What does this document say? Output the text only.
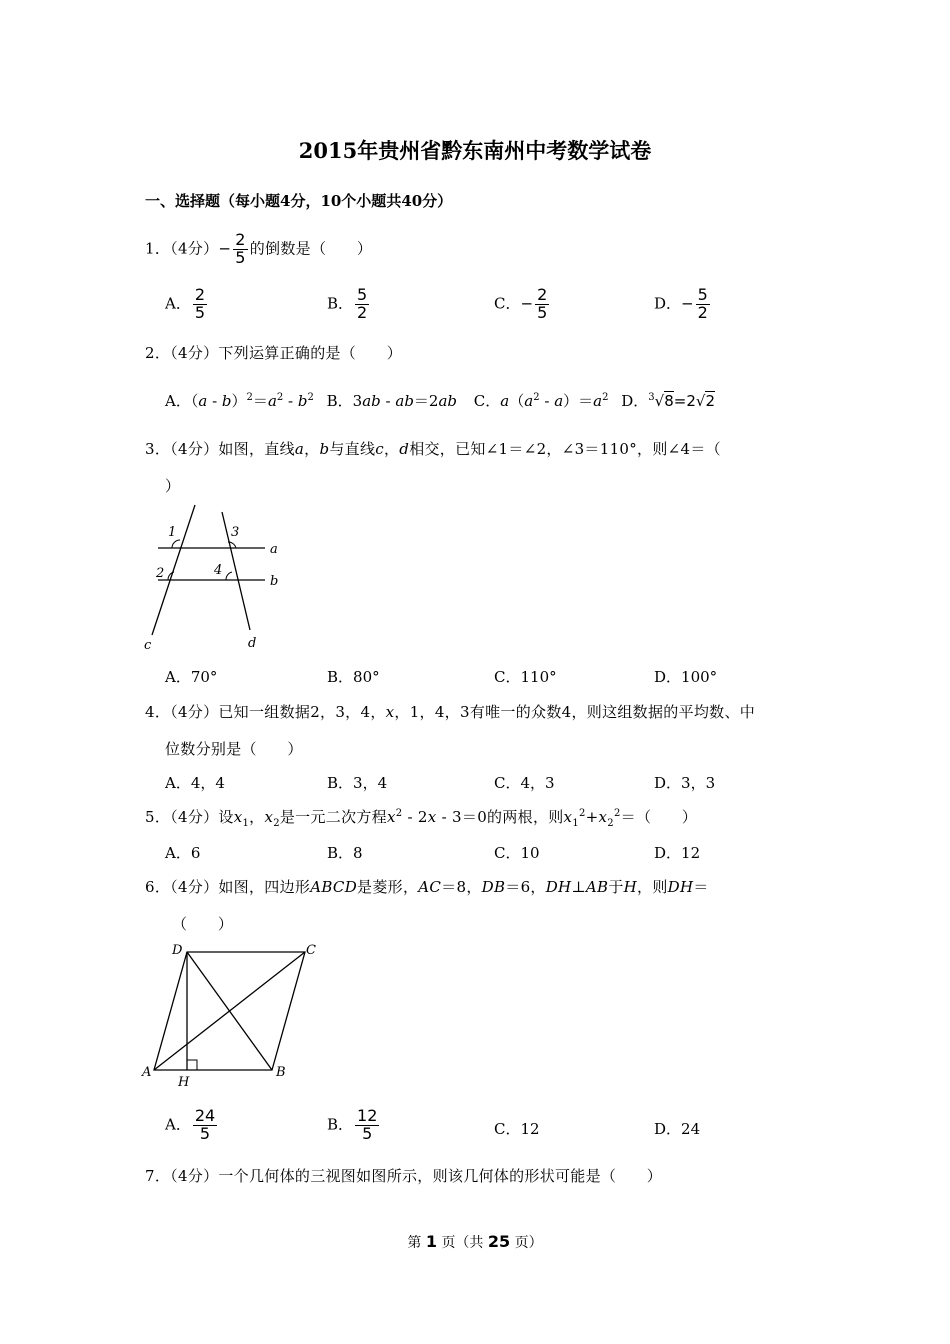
2015年贵州省黔东南州中考数学试卷
一、选择题（每小题4分，10个小题共40分）
1．（4分）− $\frac{2}{5}$ 的倒数是（　　）
A． $\frac{2}{5}$	B． $\frac{5}{2}$	C．− $\frac{2}{5}$	D．− $\frac{5}{2}$
2．（4分）下列运算正确的是（　　）
A．$(a - b)^2=a^2 - b^2$ B．3ab - ab＝2ab C．$a(a^2 - a)=a^2$ D．$^3$√8=2√2
3．（4分）如图，直线a，b与直线c，d相交，已知∠1＝∠2，∠3＝110°，则∠4＝（
）
1
2
3
4
a
b
c	d
A．70°	B．80°	C．110°	D．100°
4．（4分）已知一组数据2，3，4，x，1，4，3有唯一的众数4，则这组数据的平均数、中
位数分别是（　　）
A．4，4	B．3，4	C．4，3	D．3，3
5．（4分）设$x_1$，$x_2$是一元二次方程$x^2 - 2x - 3=0$的两根，则$x_1^2+x_2^2=$（　　）
A．6	B．8	C．10	D．12
6．（4分）如图，四边形ABCD是菱形，AC＝8，DB＝6，DH⊥AB于H，则DH＝
（　　）
D	C
A	B
H
A． $\frac{24}{5}$	B． $\frac{12}{5}$	C．12	D．24
7．（4分）一个几何体的三视图如图所示，则该几何体的形状可能是（　　）
第 1 页（共 25 页）
